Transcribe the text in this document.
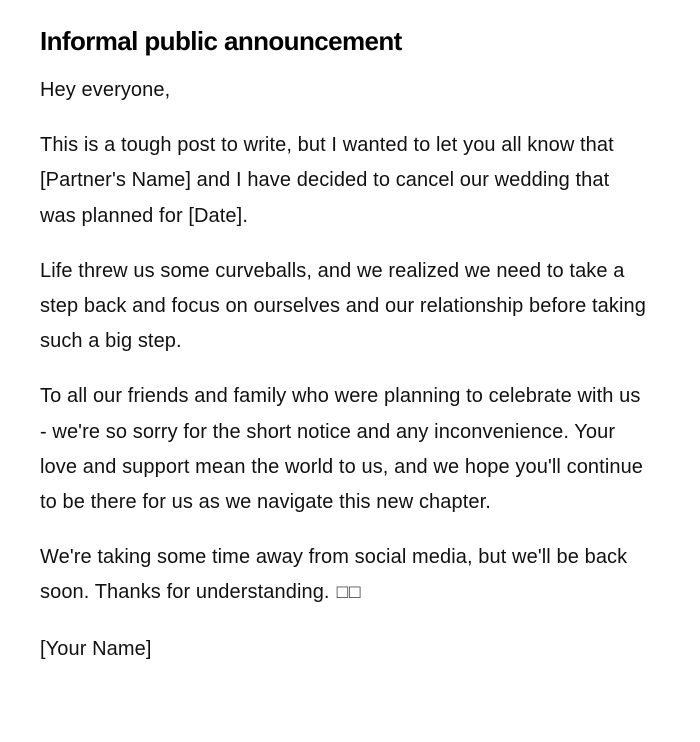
Informal public announcement

Hey everyone,

This is a tough post to write, but I wanted to let you all know that [Partner's Name] and I have decided to cancel our wedding that was planned for [Date].

Life threw us some curveballs, and we realized we need to take a step back and focus on ourselves and our relationship before taking such a big step.

To all our friends and family who were planning to celebrate with us - we're so sorry for the short notice and any inconvenience. Your love and support mean the world to us, and we hope you'll continue to be there for us as we navigate this new chapter.

We're taking some time away from social media, but we'll be back soon. Thanks for understanding. ☐☐

[Your Name]
